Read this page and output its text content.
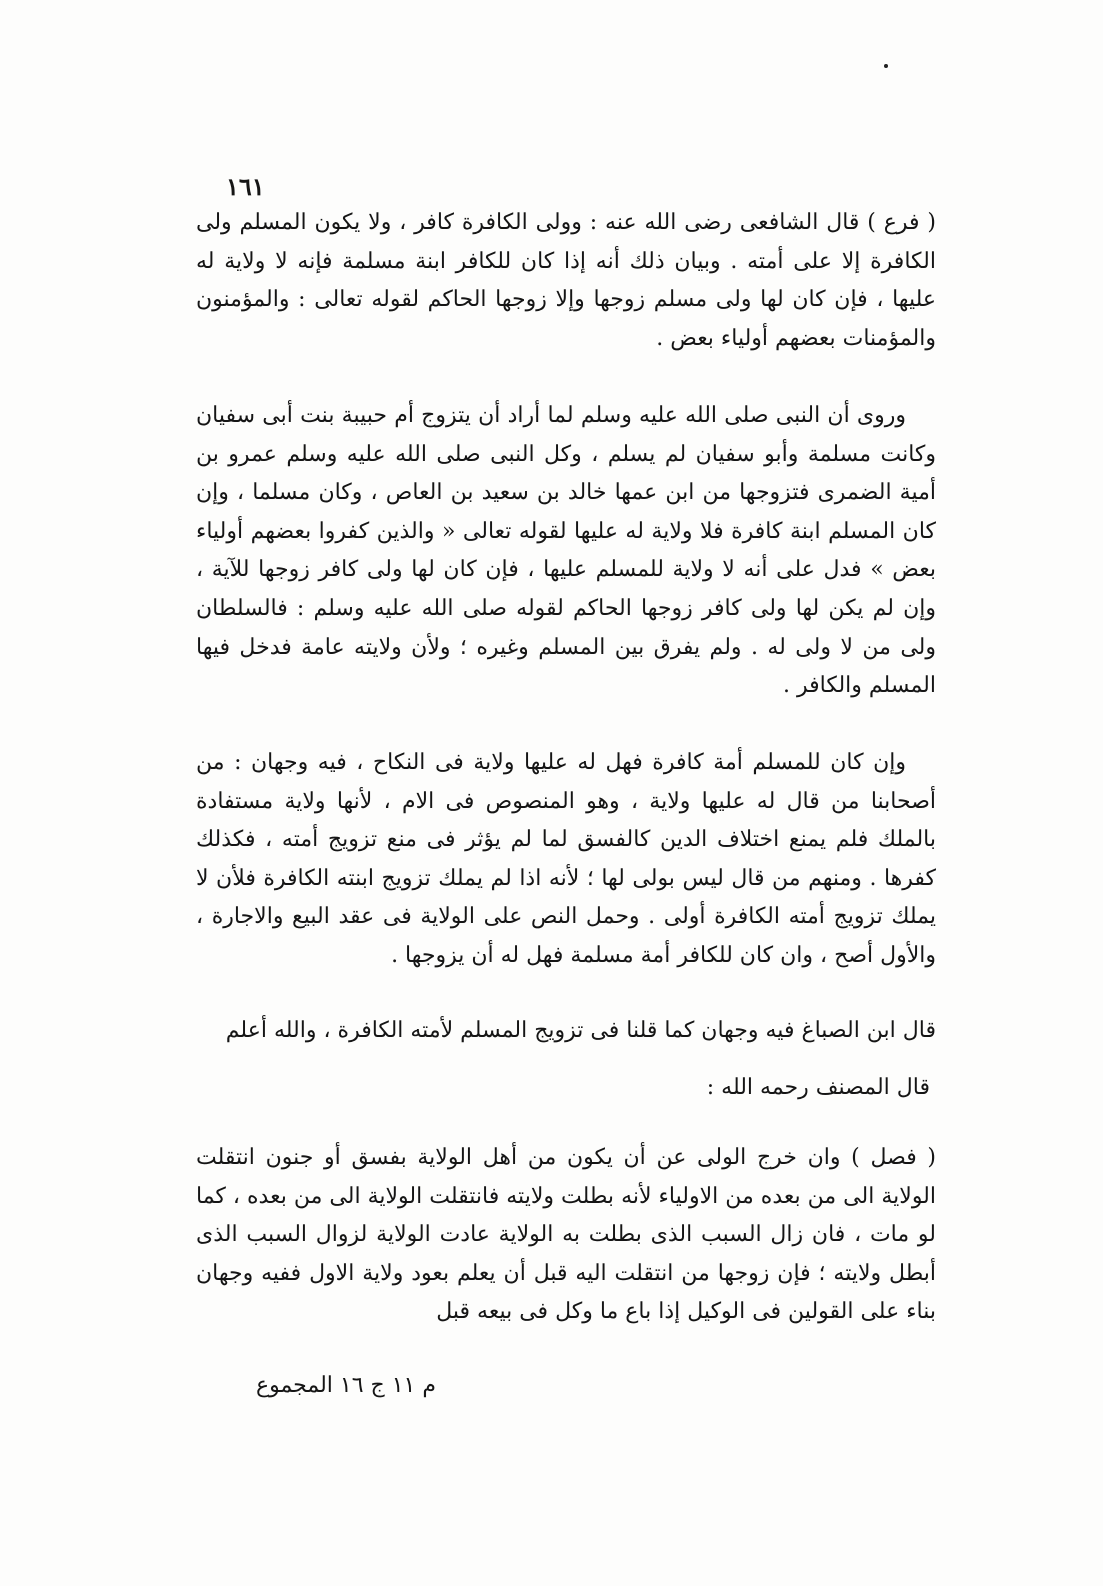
١٦١

( فرع ) قال الشافعى رضى الله عنه : وولى الكافرة كافر ، ولا يكون المسلم ولى الكافرة إلا على أمته . وبيان ذلك أنه إذا كان للكافر ابنة مسلمة فإنه لا ولاية له عليها ، فإن كان لها ولى مسلم زوجها وإلا زوجها الحاكم لقوله تعالى : والمؤمنون والمؤمنات بعضهم أولياء بعض .

وروى أن النبى صلى الله عليه وسلم لما أراد أن يتزوج أم حبيبة بنت أبى سفيان وكانت مسلمة وأبو سفيان لم يسلم ، وكل النبى صلى الله عليه وسلم عمرو بن أمية الضمرى فتزوجها من ابن عمها خالد بن سعيد بن العاص ، وكان مسلما ، وإن كان المسلم ابنة كافرة فلا ولاية له عليها لقوله تعالى « والذين كفروا بعضهم أولياء بعض » فدل على أنه لا ولاية للمسلم عليها ، فإن كان لها ولى كافر زوجها للآية ، وإن لم يكن لها ولى كافر زوجها الحاكم لقوله صلى الله عليه وسلم : فالسلطان ولى من لا ولى له . ولم يفرق بين المسلم وغيره ؛ ولأن ولايته عامة فدخل فيها المسلم والكافر .

وإن كان للمسلم أمة كافرة فهل له عليها ولاية فى النكاح ، فيه وجهان : من أصحابنا من قال له عليها ولاية ، وهو المنصوص فى الام ، لأنها ولاية مستفادة بالملك فلم يمنع اختلاف الدين كالفسق لما لم يؤثر فى منع تزويج أمته ، فكذلك كفرها . ومنهم من قال ليس بولى لها ؛ لأنه اذا لم يملك تزويج ابنته الكافرة فلأن لا يملك تزويج أمته الكافرة أولى . وحمل النص على الولاية فى عقد البيع والاجارة ، والأول أصح ، وان كان للكافر أمة مسلمة فهل له أن يزوجها .

قال ابن الصباغ فيه وجهان كما قلنا فى تزويج المسلم لأمته الكافرة ، والله أعلم

قال المصنف رحمه الله :

( فصل ) وان خرج الولى عن أن يكون من أهل الولاية بفسق أو جنون انتقلت الولاية الى من بعده من الاولياء لأنه بطلت ولايته فانتقلت الولاية الى من بعده ، كما لو مات ، فان زال السبب الذى بطلت به الولاية عادت الولاية لزوال السبب الذى أبطل ولايته ؛ فإن زوجها من انتقلت اليه قبل أن يعلم بعود ولاية الاول ففيه وجهان بناء على القولين فى الوكيل إذا باع ما وكل فى بيعه قبل

م ١١ ج ١٦ المجموع
